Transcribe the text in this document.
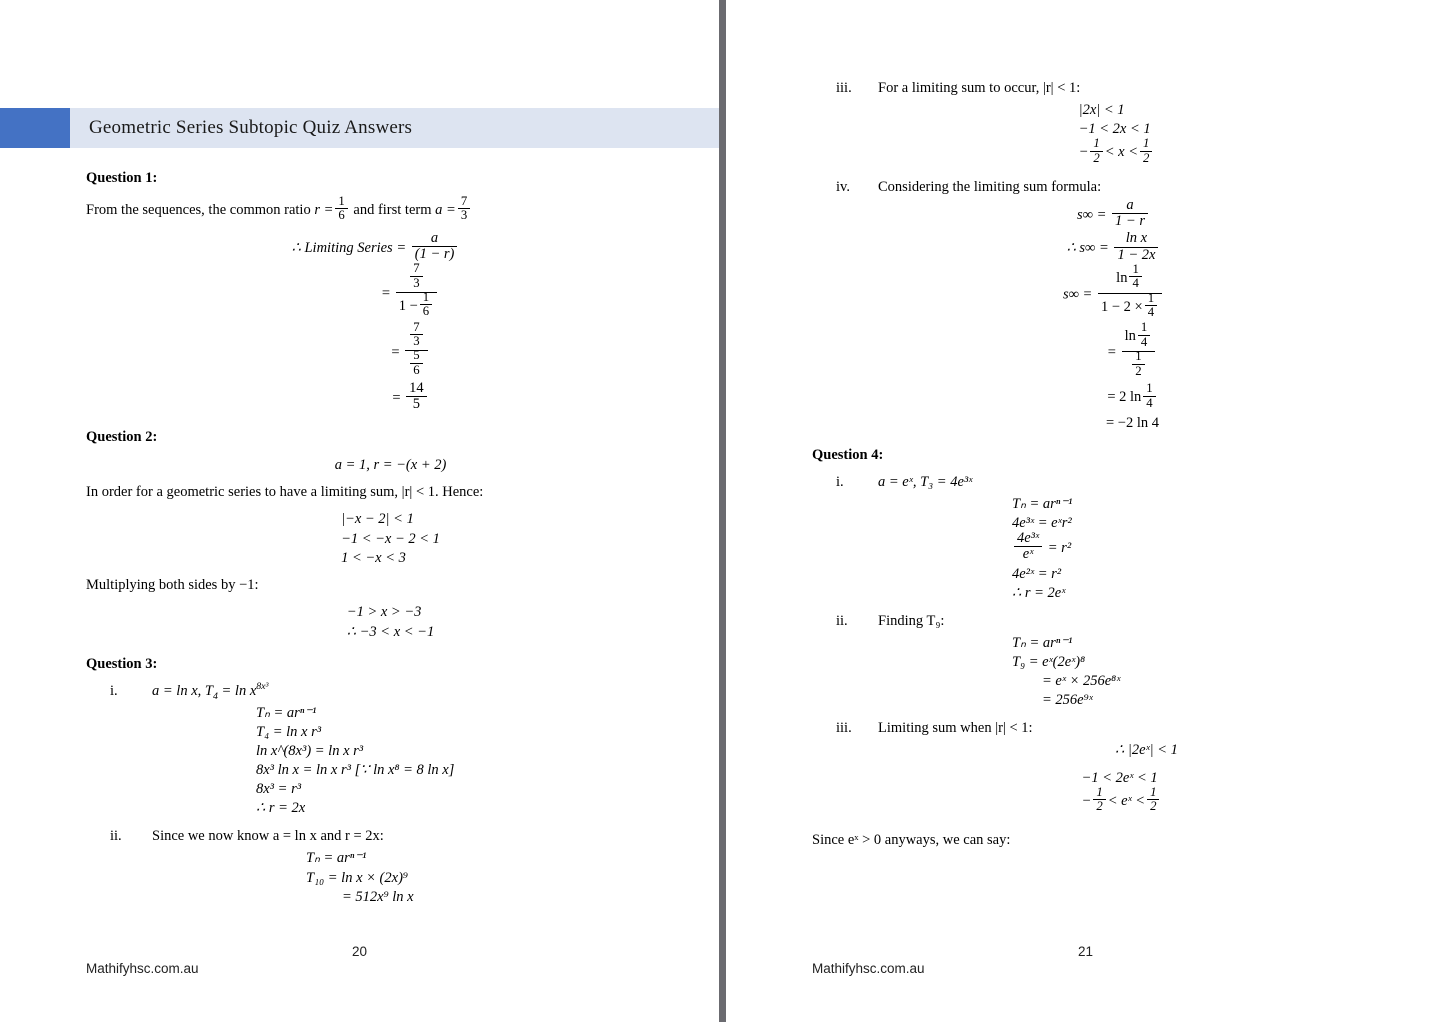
Geometric Series Subtopic Quiz Answers
Question 1:
From the sequences, the common ratio $r = \frac{1}{6}$ and first term $a = \frac{7}{3}$
∴ Limiting Series = $\frac{a}{(1 - r)}$
= $\frac{\frac{7}{3}}{1 - \frac{1}{6}}$
= $\frac{\frac{7}{3}}{\frac{5}{6}}$
= $\frac{14}{5}$
Question 2:
a = 1, r = −(x + 2)
In order for a geometric series to have a limiting sum, |r| < 1. Hence:
|−x − 2| < 1
−1 < −x − 2 < 1
1 < −x < 3
Multiplying both sides by −1:
−1 > x > −3
∴ −3 < x < −1
Question 3:
i.	a = ln x, $T_4 = \ln x^{8x^3}$
Tₙ = arⁿ⁻¹
T₄ = ln x r³
ln x^(8x³) = ln x r³
8x³ ln x = ln x r³ [∵ ln x⁸ = 8 ln x]
8x³ = r³
∴ r = 2x
ii.	Since we now know a = ln x and r = 2x:
Tₙ = arⁿ⁻¹
T₁₀ = ln x × (2x)⁹
= 512x⁹ ln x
20
Mathifyhsc.com.au
iii.	For a limiting sum to occur, |r| < 1:
|2x| < 1
−1 < 2x < 1
− $\frac{1}{2} < x < \frac{1}{2}$
iv.	Considering the limiting sum formula:
$s\infty = \frac{a}{1 - r}$
∴ $s\infty = \frac{\text{ln x}}{1 - 2x}$
$s\infty = \frac{\ln \frac{1}{4}}{1 - 2 \times \frac{1}{4}}$
= $\frac{\ln \frac{1}{4}}{\frac{1}{2}}$
= 2 $\ln \frac{1}{4}$
= −2 ln 4
Question 4:
i.	a = eˣ, T₃ = 4e³ˣ
Tₙ = arⁿ⁻¹
4e³ˣ = eˣr²
$\frac{\text{4e³ˣ}}{\text{eˣ}} = r^2$
4e²ˣ = r²
∴ r = 2eˣ
ii.	Finding T₉:
Tₙ = arⁿ⁻¹
T₉ = eˣ(2eˣ)⁸
= eˣ × 256e⁸ˣ
= 256e⁹ˣ
iii.	Limiting sum when |r| < 1:
∴ |2eˣ| < 1
−1 < 2eˣ < 1
− $\frac{1}{2}$ < eˣ < $\frac{1}{2}$
Since eˣ > 0 anyways, we can say:
21
Mathifyhsc.com.au
